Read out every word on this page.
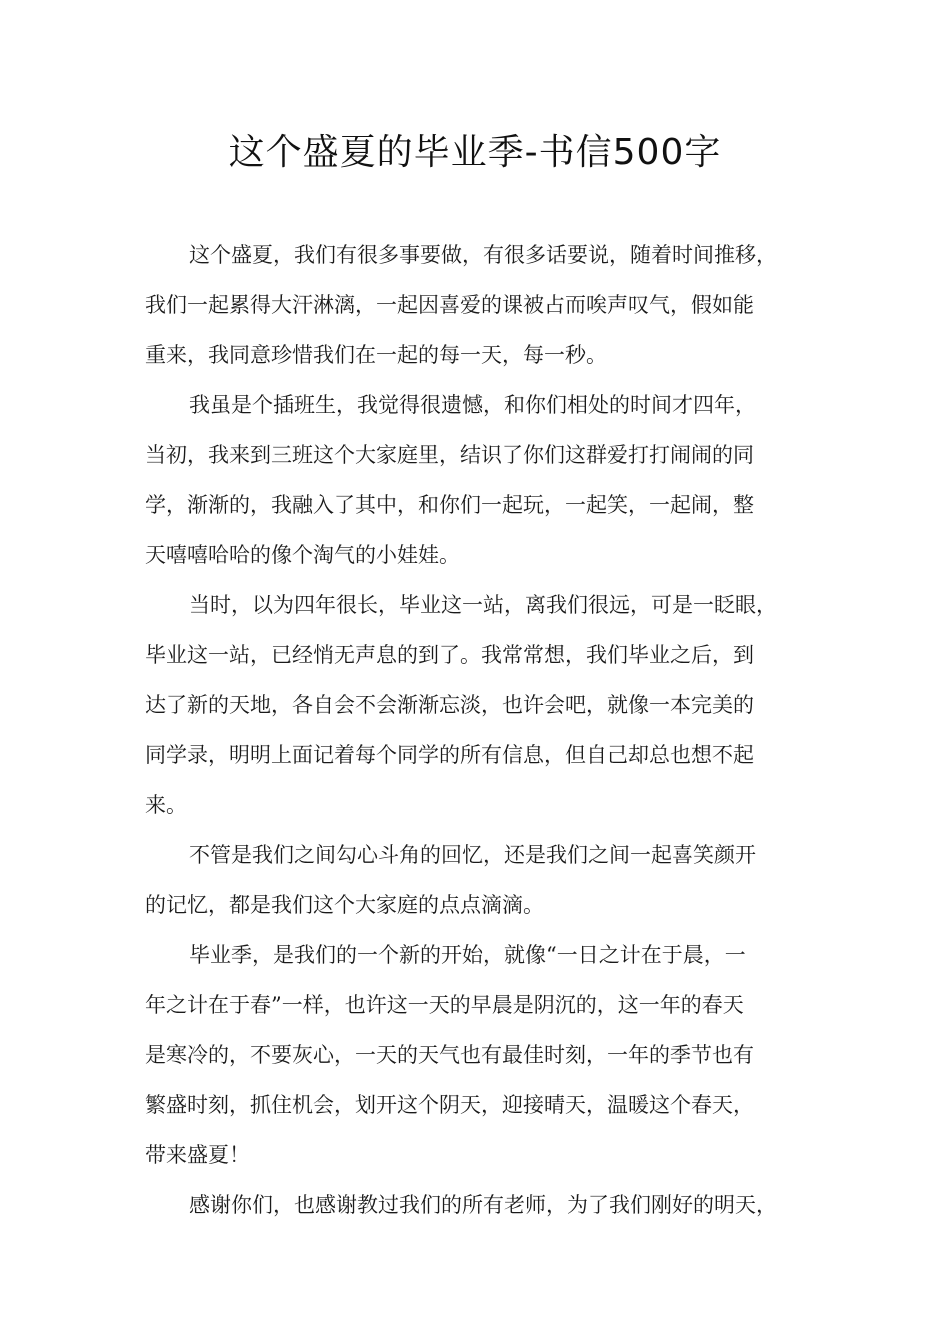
这个盛夏的毕业季-书信500字
这个盛夏，我们有很多事要做，有很多话要说，随着时间推移，
我们一起累得大汗淋漓，一起因喜爱的课被占而唉声叹气，假如能
重来，我同意珍惜我们在一起的每一天，每一秒。
我虽是个插班生，我觉得很遗憾，和你们相处的时间才四年，
当初，我来到三班这个大家庭里，结识了你们这群爱打打闹闹的同
学，渐渐的，我融入了其中，和你们一起玩，一起笑，一起闹，整
天嘻嘻哈哈的像个淘气的小娃娃。
当时，以为四年很长，毕业这一站，离我们很远，可是一眨眼，
毕业这一站，已经悄无声息的到了。我常常想，我们毕业之后，到
达了新的天地，各自会不会渐渐忘淡，也许会吧，就像一本完美的
同学录，明明上面记着每个同学的所有信息，但自己却总也想不起
来。
不管是我们之间勾心斗角的回忆，还是我们之间一起喜笑颜开
的记忆，都是我们这个大家庭的点点滴滴。
毕业季，是我们的一个新的开始，就像“一日之计在于晨，一
年之计在于春”一样，也许这一天的早晨是阴沉的，这一年的春天
是寒冷的，不要灰心，一天的天气也有最佳时刻，一年的季节也有
繁盛时刻，抓住机会，划开这个阴天，迎接晴天，温暖这个春天，
带来盛夏！
感谢你们，也感谢教过我们的所有老师，为了我们刚好的明天，
